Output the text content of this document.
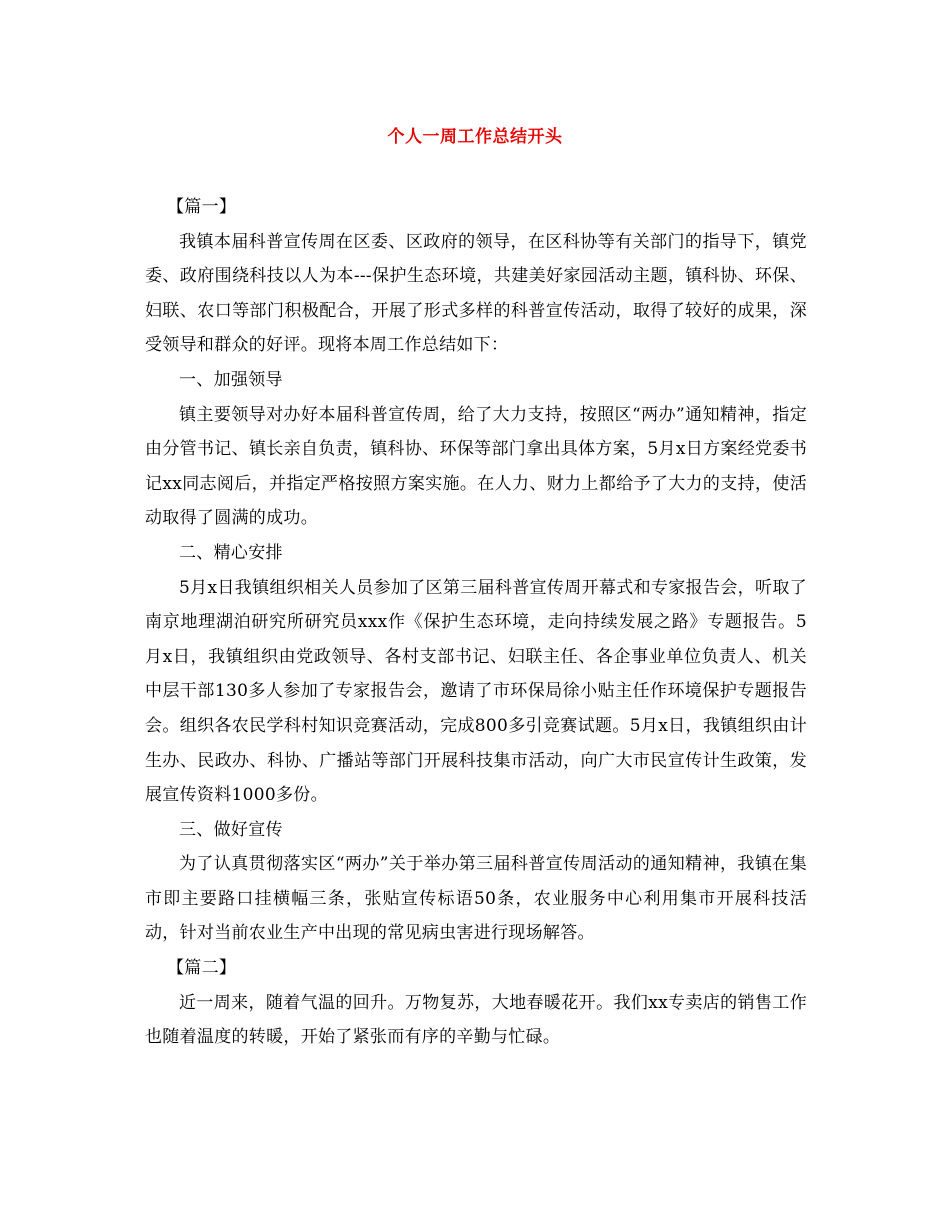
个人一周工作总结开头

【篇一】

我镇本届科普宣传周在区委、区政府的领导，在区科协等有关部门的指导下，镇党委、政府围绕科技以人为本---保护生态环境，共建美好家园活动主题，镇科协、环保、妇联、农口等部门积极配合，开展了形式多样的科普宣传活动，取得了较好的成果，深受领导和群众的好评。现将本周工作总结如下：

一、加强领导

镇主要领导对办好本届科普宣传周，给了大力支持，按照区“两办”通知精神，指定由分管书记、镇长亲自负责，镇科协、环保等部门拿出具体方案，5月x日方案经党委书记xx同志阅后，并指定严格按照方案实施。在人力、财力上都给予了大力的支持，使活动取得了圆满的成功。

二、精心安排

5月x日我镇组织相关人员参加了区第三届科普宣传周开幕式和专家报告会，听取了南京地理湖泊研究所研究员xxx作《保护生态环境，走向持续发展之路》专题报告。5月x日，我镇组织由党政领导、各村支部书记、妇联主任、各企事业单位负责人、机关中层干部130多人参加了专家报告会，邀请了市环保局徐小贴主任作环境保护专题报告会。组织各农民学科村知识竞赛活动，完成800多引竞赛试题。5月x日，我镇组织由计生办、民政办、科协、广播站等部门开展科技集市活动，向广大市民宣传计生政策，发展宣传资料1000多份。

三、做好宣传

为了认真贯彻落实区“两办”关于举办第三届科普宣传周活动的通知精神，我镇在集市即主要路口挂横幅三条，张贴宣传标语50条，农业服务中心利用集市开展科技活动，针对当前农业生产中出现的常见病虫害进行现场解答。

【篇二】

近一周来，随着气温的回升。万物复苏，大地春暖花开。我们xx专卖店的销售工作也随着温度的转暖，开始了紧张而有序的辛勤与忙碌。
